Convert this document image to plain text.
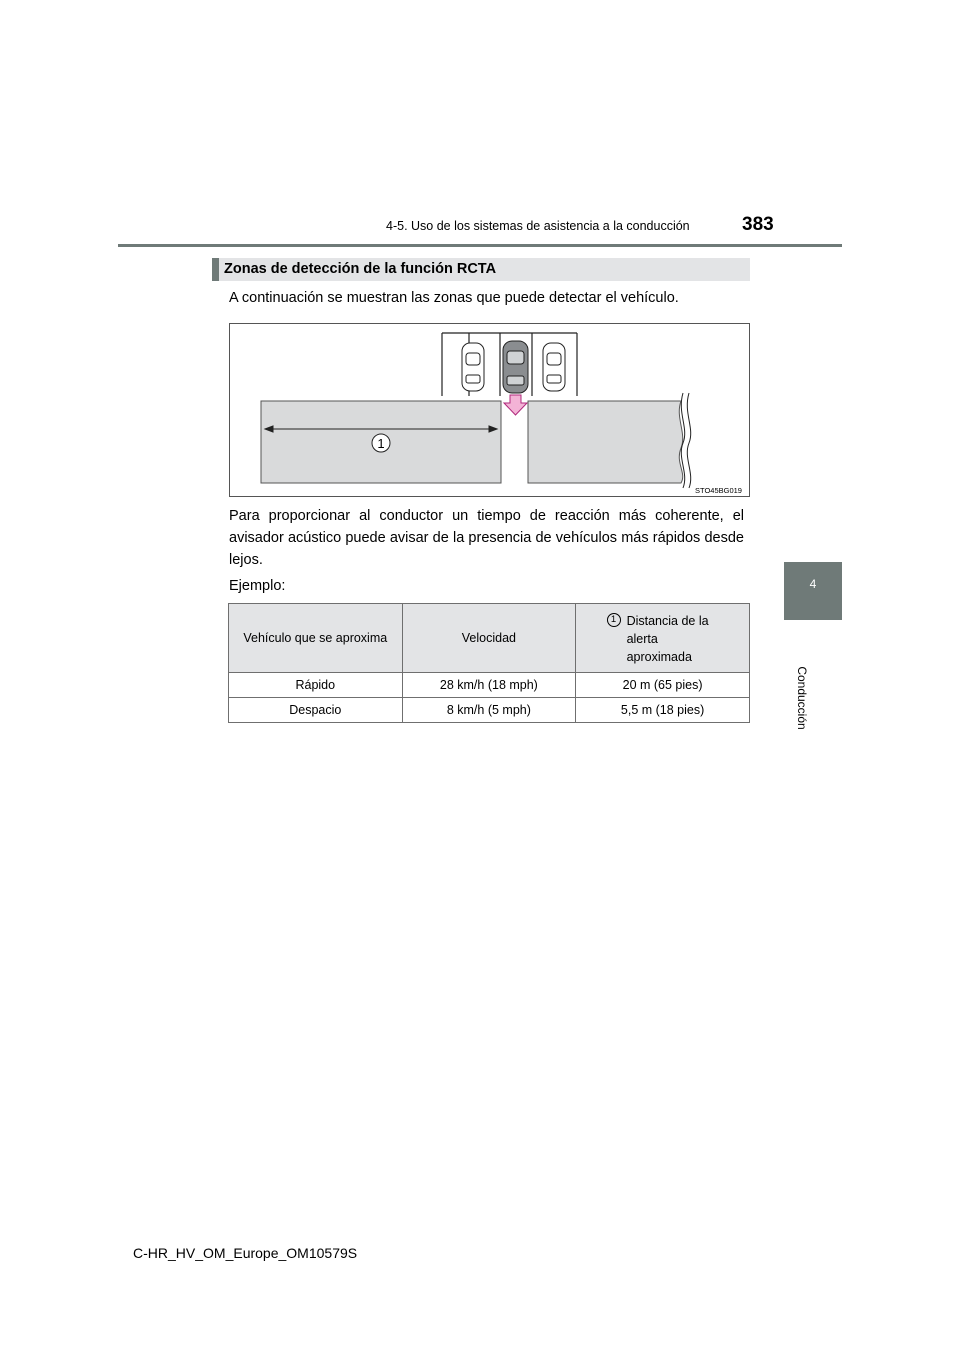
4-5. Uso de los sistemas de asistencia a la conducción	383
4
Conducción
Zonas de detección de la función RCTA
A continuación se muestran las zonas que puede detectar el vehículo.
1
STO45BG019

Para proporcionar al conductor un tiempo de reacción más coherente, el avisador acústico puede avisar de la presencia de vehículos más rápidos desde lejos.

Ejemplo:
Vehículo que se aproxima	Velocidad	1 Distancia de la alerta aproximada

Rápido	28 km/h (18 mph)	20 m (65 pies)
Despacio	8 km/h (5 mph)	5,5 m (18 pies)
C-HR_HV_OM_Europe_OM10579S
